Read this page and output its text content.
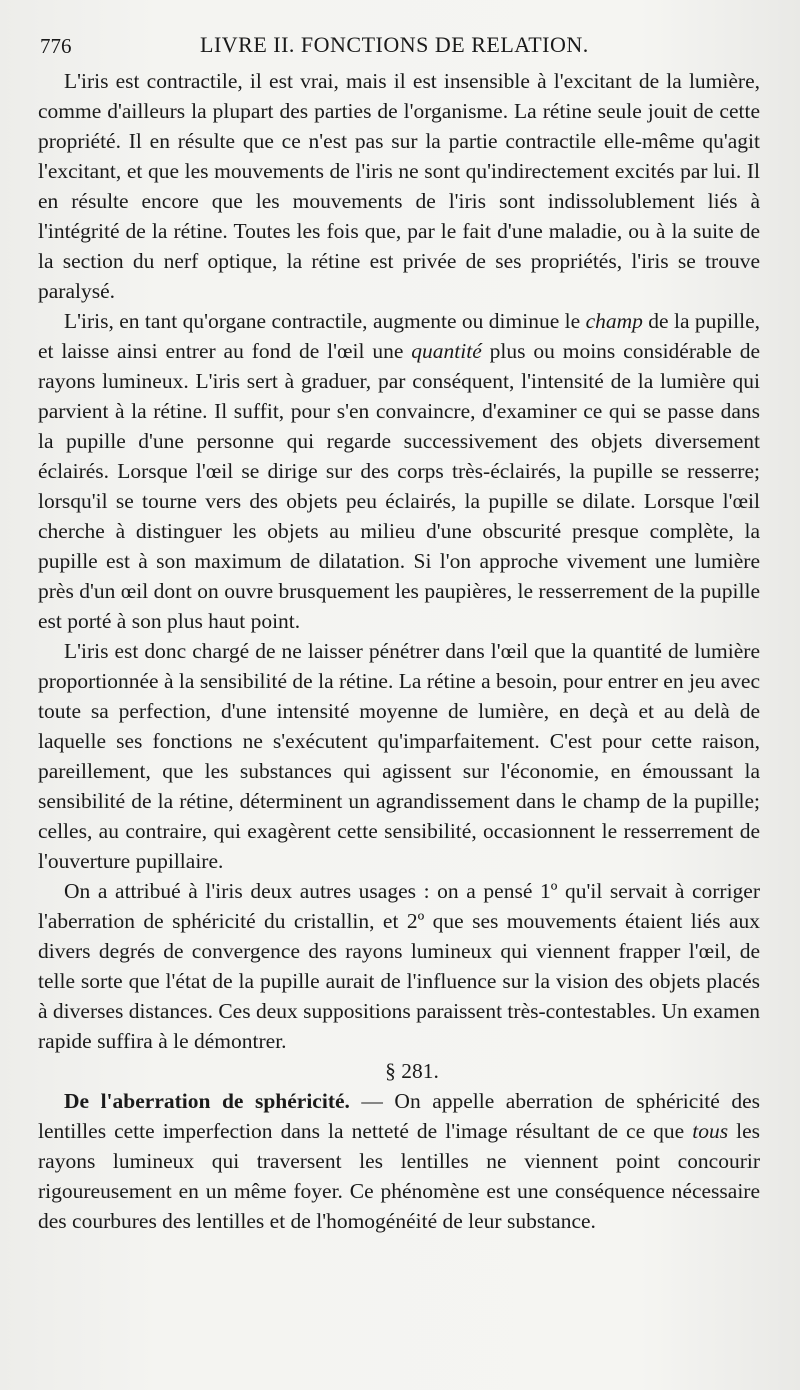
776	LIVRE II. FONCTIONS DE RELATION.

L'iris est contractile, il est vrai, mais il est insensible à l'excitant de la lumière, comme d'ailleurs la plupart des parties de l'organisme. La rétine seule jouit de cette propriété. Il en résulte que ce n'est pas sur la partie contractile elle-même qu'agit l'excitant, et que les mouvements de l'iris ne sont qu'indirectement excités par lui. Il en résulte encore que les mouvements de l'iris sont indissolublement liés à l'intégrité de la rétine. Toutes les fois que, par le fait d'une maladie, ou à la suite de la section du nerf optique, la rétine est privée de ses propriétés, l'iris se trouve paralysé.

L'iris, en tant qu'organe contractile, augmente ou diminue le champ de la pupille, et laisse ainsi entrer au fond de l'œil une quantité plus ou moins considérable de rayons lumineux. L'iris sert à graduer, par conséquent, l'intensité de la lumière qui parvient à la rétine. Il suffit, pour s'en convaincre, d'examiner ce qui se passe dans la pupille d'une personne qui regarde successivement des objets diversement éclairés. Lorsque l'œil se dirige sur des corps très-éclairés, la pupille se resserre; lorsqu'il se tourne vers des objets peu éclairés, la pupille se dilate. Lorsque l'œil cherche à distinguer les objets au milieu d'une obscurité presque complète, la pupille est à son maximum de dilatation. Si l'on approche vivement une lumière près d'un œil dont on ouvre brusquement les paupières, le resserrement de la pupille est porté à son plus haut point.

L'iris est donc chargé de ne laisser pénétrer dans l'œil que la quantité de lumière proportionnée à la sensibilité de la rétine. La rétine a besoin, pour entrer en jeu avec toute sa perfection, d'une intensité moyenne de lumière, en deçà et au delà de laquelle ses fonctions ne s'exécutent qu'imparfaitement. C'est pour cette raison, pareillement, que les substances qui agissent sur l'économie, en émoussant la sensibilité de la rétine, déterminent un agrandissement dans le champ de la pupille; celles, au contraire, qui exagèrent cette sensibilité, occasionnent le resserrement de l'ouverture pupillaire.

On a attribué à l'iris deux autres usages : on a pensé 1º qu'il servait à corriger l'aberration de sphéricité du cristallin, et 2º que ses mouvements étaient liés aux divers degrés de convergence des rayons lumineux qui viennent frapper l'œil, de telle sorte que l'état de la pupille aurait de l'influence sur la vision des objets placés à diverses distances. Ces deux suppositions paraissent très-contestables. Un examen rapide suffira à le démontrer.

§ 281.

De l'aberration de sphéricité. — On appelle aberration de sphéricité des lentilles cette imperfection dans la netteté de l'image résultant de ce que tous les rayons lumineux qui traversent les lentilles ne viennent point concourir rigoureusement en un même foyer. Ce phénomène est une conséquence nécessaire des courbures des lentilles et de l'homogénéité de leur substance.
